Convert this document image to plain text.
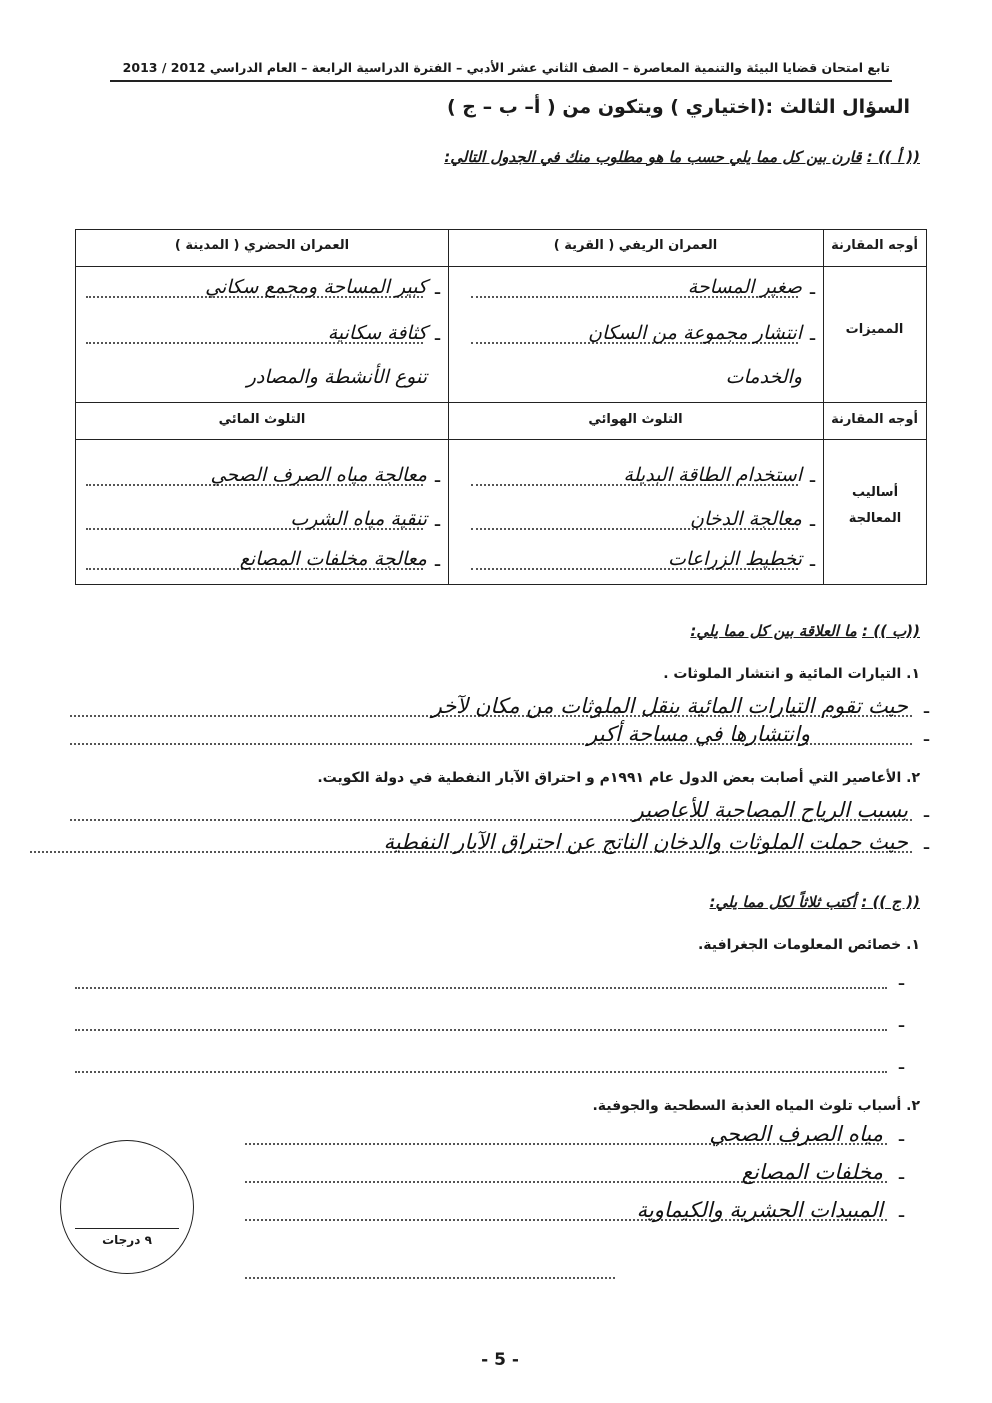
تابع امتحان قضايا البيئة والتنمية المعاصرة – الصف الثاني عشر الأدبي – الفترة الدراسية الرابعة – العام الدراسي 2012 / 2013
السؤال الثالث :(اختياري ) ويتكون من ( أ– ب – ج )
(( أ )) : قارن بين كل مما يلي حسب ما هو مطلوب منك في الجدول التالي:
أوجه المقارنة
العمران الريفي ( القرية )
العمران الحضري ( المدينة )
المميزات
–
صغير المساحة
–
انتشار مجموعة من السكان
والخدمات
–
كبير المساحة ومجمع سكاني
–
كثافة سكانية
تنوع الأنشطة والمصادر
أوجه المقارنة
التلوث الهوائي
التلوث المائي
أساليب المعالجة
–
استخدام الطاقة البديلة
–
معالجة الدخان
–
تخطيط الزراعات
–
معالجة مياه الصرف الصحي
–
تنقية مياه الشرب
–
معالجة مخلفات المصانع
((ب )) : ما العلاقة بين كل مما يلي:
١. التيارات المائية و انتشار الملوثات .
–
حيث تقوم التيارات المائية بنقل الملوثات من مكان لآخر
–
وانتشارها في مساحة أكبر
٢. الأعاصير التي أصابت بعض الدول عام ١٩٩١م و احتراق الآبار النفطية في دولة الكويت.
–
بسبب الرياح المصاحبة للأعاصير
–
حيث حملت الملوثات والدخان الناتج عن احتراق الآبار النفطية
(( ج )) : أكتب ثلاثاً لكل مما يلي:
١. خصائص المعلومات الجغرافية.
–
–
–
٢. أسباب تلوث المياه العذبة السطحية والجوفية.
–
مياه الصرف الصحي
–
مخلفات المصانع
–
المبيدات الحشرية والكيماوية
٩ درجات
- 5 -
